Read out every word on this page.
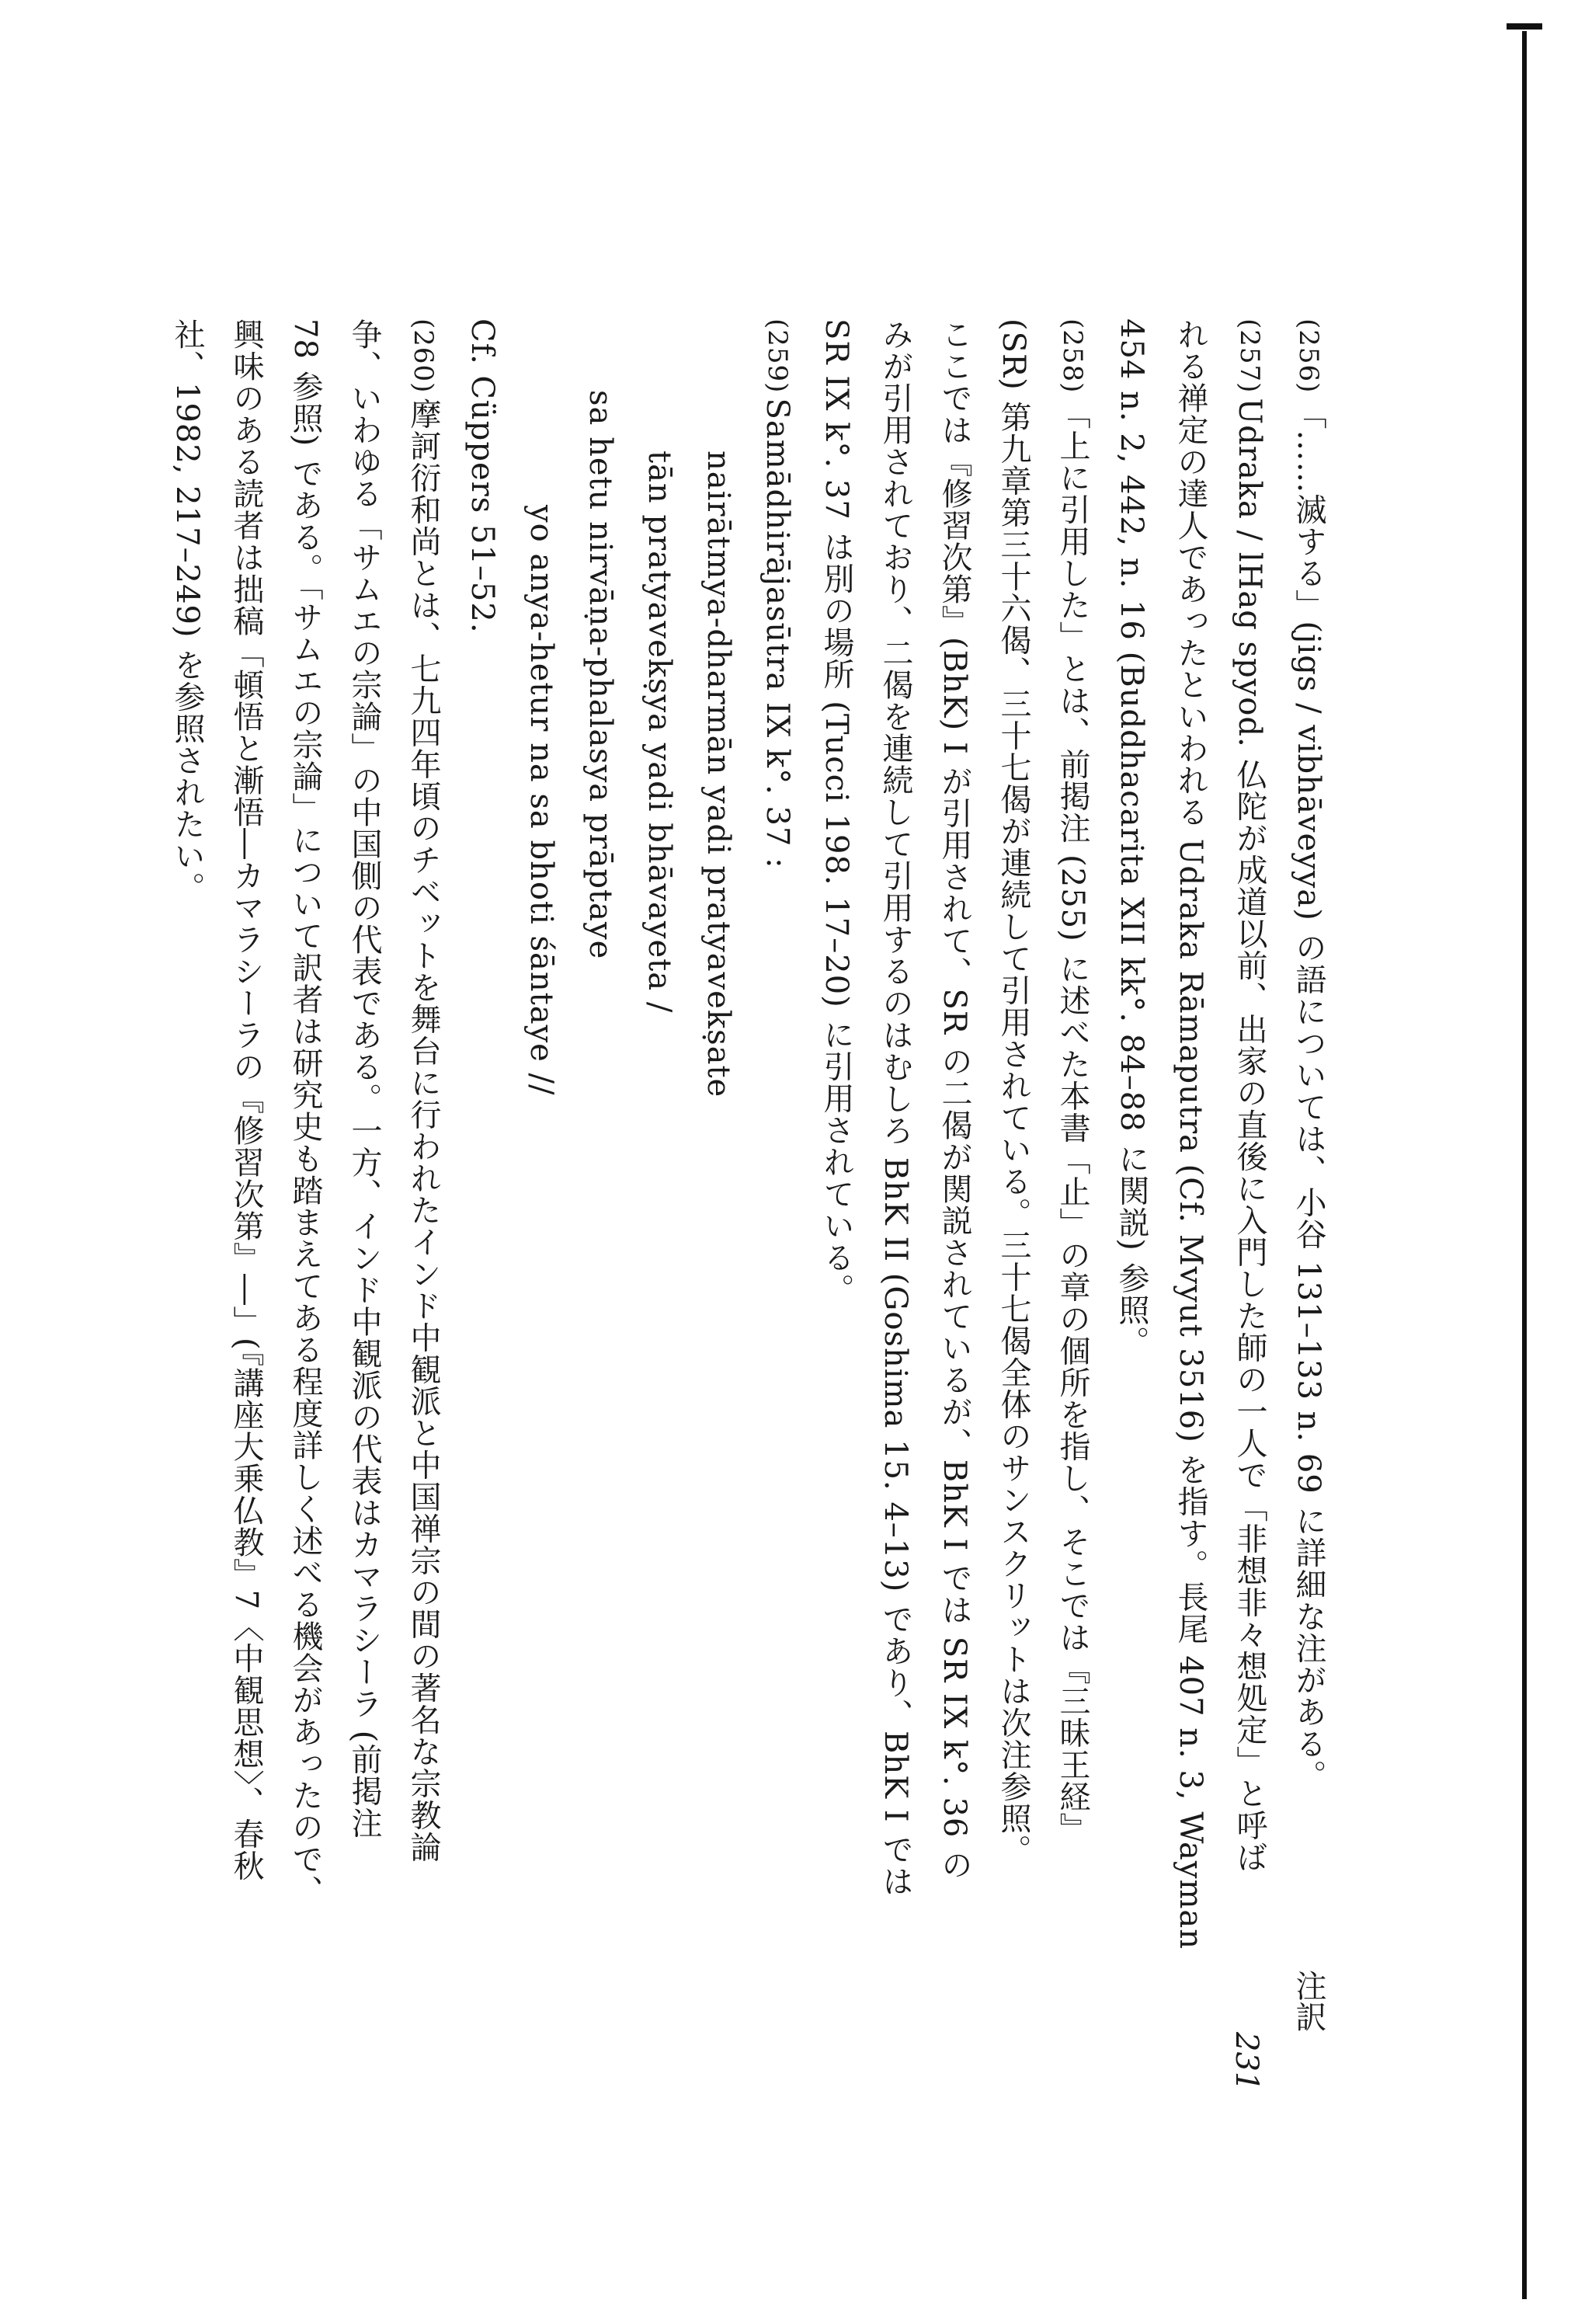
(256)「……滅する」(jigs / vibhāveyya) の語については、小谷 131–133 n. 69 に詳細な注がある。

(257)Udraka / lHag spyod. 仏陀が成道以前、出家の直後に入門した師の一人で「非想非々想処定」と呼ば

れる禅定の達人であったといわれる Udraka Rāmaputra (Cf. Mvyut 3516) を指す。長尾 407 n. 3, Wayman

454 n. 2, 442, n. 16 (Buddhacarita XII kk°. 84–88 に関説) 参照。

(258)「上に引用した」とは、前掲注 (255) に述べた本書「止」の章の個所を指し、そこでは『三昧王経』

(SR) 第九章第三十六偈、三十七偈が連続して引用されている。三十七偈全体のサンスクリットは次注参照。

ここでは『修習次第』(BhK) I が引用されて、SR の二偈が関説されているが、BhK I では SR IX k°. 36 の

みが引用されており、二偈を連続して引用するのはむしろ BhK II (Goshima 15. 4–13) であり、BhK I では

SR IX k°. 37 は別の場所 (Tucci 198. 17–20) に引用されている。

(259)Samādhirājasūtra IX k°. 37 :

nairātmya-dharmān yadi pratyavekṣate

tān pratyavekṣya yadi bhāvayeta /

sa hetu nirvāṇa-phalasya prāptaye

yo anya-hetur na sa bhoti śāntaye //

Cf. Cüppers 51–52.

(260)摩訶衍和尚とは、七九四年頃のチベットを舞台に行われたインド中観派と中国禅宗の間の著名な宗教論

争、いわゆる「サムエの宗論」の中国側の代表である。一方、インド中観派の代表はカマラシーラ (前掲注

78 参照) である。「サムエの宗論」について訳者は研究史も踏まえてある程度詳しく述べる機会があったので、

興味のある読者は拙稿「頓悟と漸悟―カマラシーラの『修習次第』―」(『講座大乗仏教』7〈中観思想〉、春秋

社、1982, 217–249) を参照されたい。

注
訳
231
